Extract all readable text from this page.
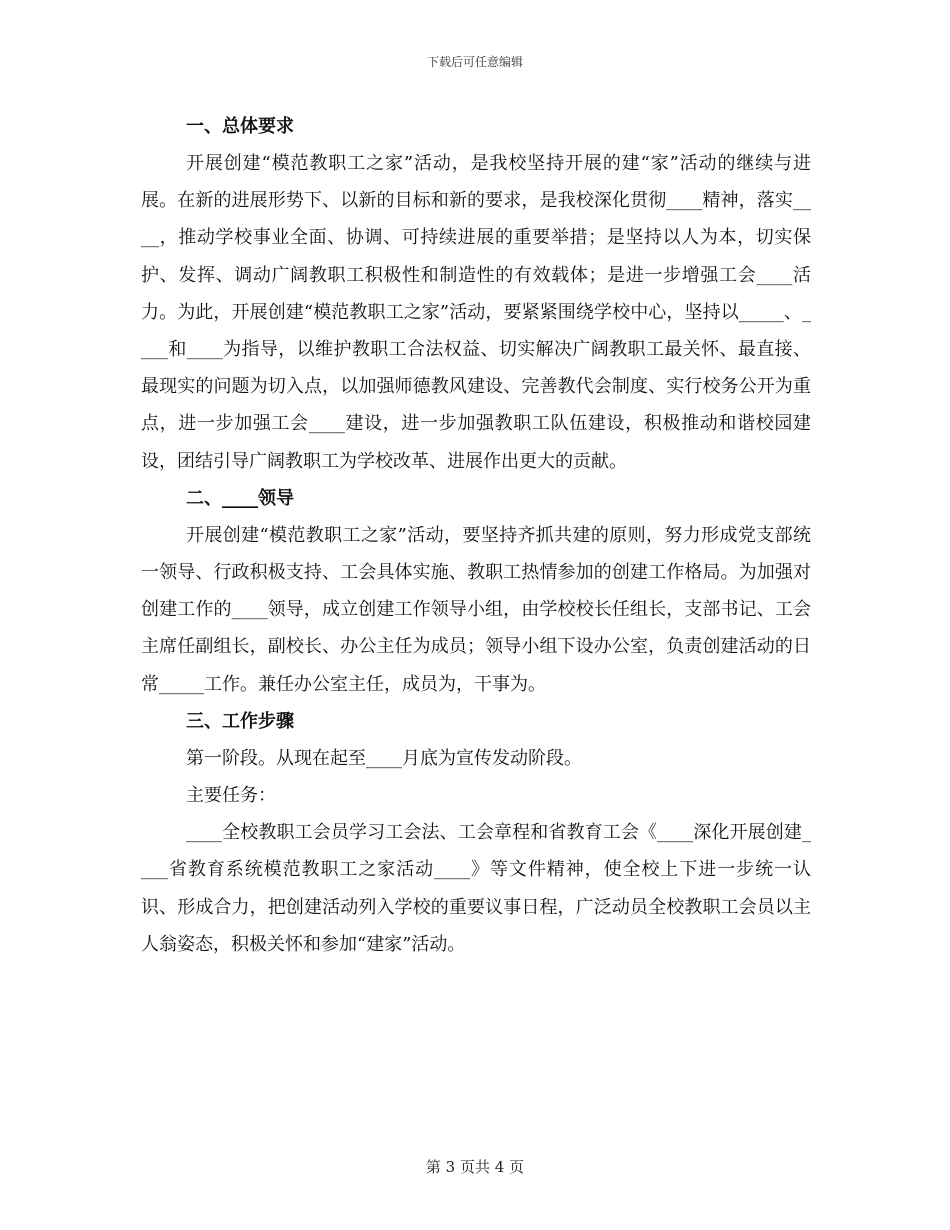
下载后可任意编辑
一、总体要求

开展创建“模范教职工之家”活动，是我校坚持开展的建“家”活动的继续与进展。在新的进展形势下、以新的目标和新的要求，是我校深化贯彻____精神，落实____，推动学校事业全面、协调、可持续进展的重要举措；是坚持以人为本，切实保护、发挥、调动广阔教职工积极性和制造性的有效载体；是进一步增强工会____活力。为此，开展创建“模范教职工之家”活动，要紧紧围绕学校中心，坚持以_____、____和____为指导，以维护教职工合法权益、切实解决广阔教职工最关怀、最直接、最现实的问题为切入点，以加强师德教风建设、完善教代会制度、实行校务公开为重点，进一步加强工会____建设，进一步加强教职工队伍建设，积极推动和谐校园建设，团结引导广阔教职工为学校改革、进展作出更大的贡献。

二、____领导

开展创建“模范教职工之家”活动，要坚持齐抓共建的原则，努力形成党支部统一领导、行政积极支持、工会具体实施、教职工热情参加的创建工作格局。为加强对创建工作的____领导，成立创建工作领导小组，由学校校长任组长，支部书记、工会主席任副组长，副校长、办公主任为成员；领导小组下设办公室，负责创建活动的日常_____工作。兼任办公室主任，成员为，干事为。

三、工作步骤

第一阶段。从现在起至____月底为宣传发动阶段。

主要任务：

____全校教职工会员学习工会法、工会章程和省教育工会《____深化开展创建____省教育系统模范教职工之家活动____》等文件精神，使全校上下进一步统一认识、形成合力，把创建活动列入学校的重要议事日程，广泛动员全校教职工会员以主人翁姿态，积极关怀和参加“建家”活动。

第 3 页共 4 页
